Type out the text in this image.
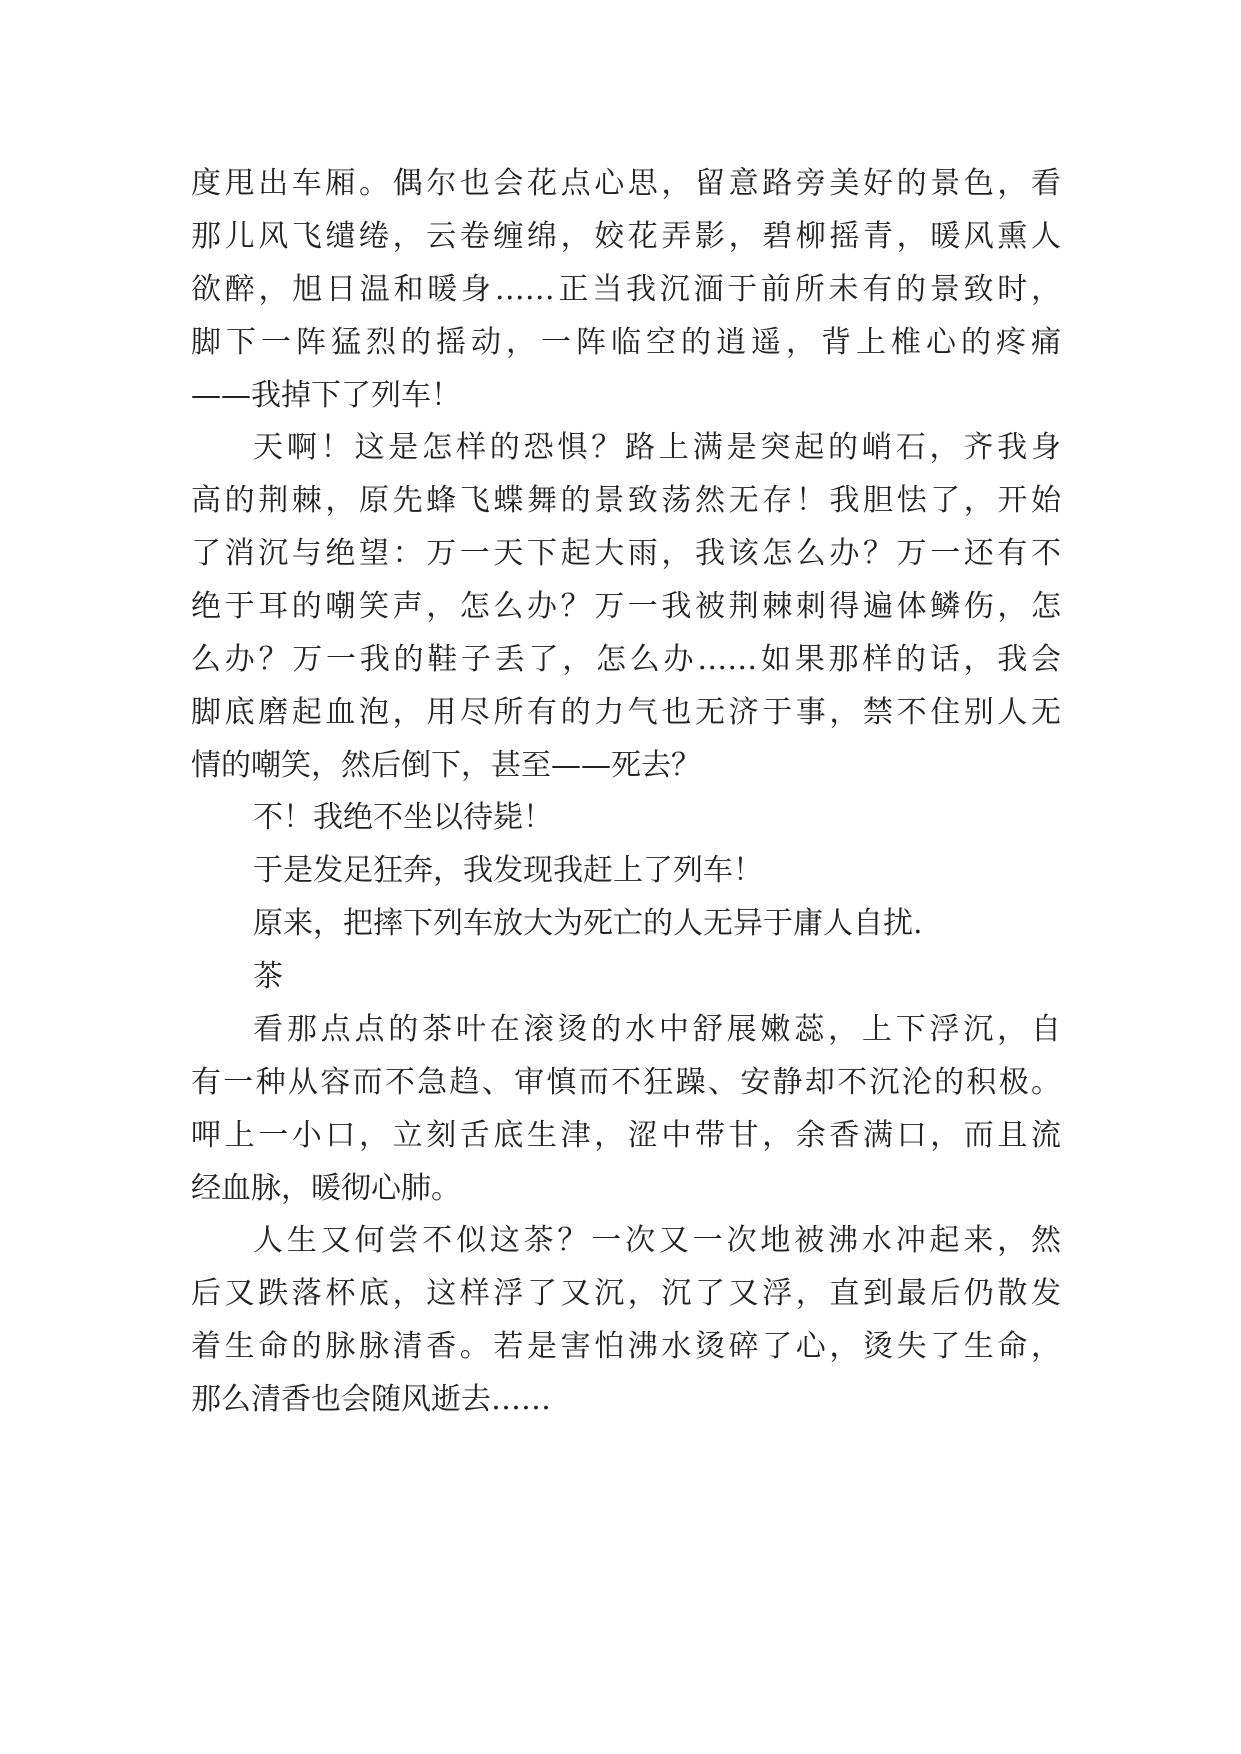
度甩出车厢。偶尔也会花点心思，留意路旁美好的景色，看
那儿风飞缱绻，云卷缠绵，姣花弄影，碧柳摇青，暖风熏人
欲醉，旭日温和暖身……正当我沉湎于前所未有的景致时，
脚下一阵猛烈的摇动，一阵临空的逍遥，背上椎心的疼痛
——我掉下了列车！
天啊！这是怎样的恐惧？路上满是突起的峭石，齐我身
高的荆棘，原先蜂飞蝶舞的景致荡然无存！我胆怯了，开始
了消沉与绝望：万一天下起大雨，我该怎么办？万一还有不
绝于耳的嘲笑声，怎么办？万一我被荆棘刺得遍体鳞伤，怎
么办？万一我的鞋子丢了，怎么办……如果那样的话，我会
脚底磨起血泡，用尽所有的力气也无济于事，禁不住别人无
情的嘲笑，然后倒下，甚至——死去？
不！我绝不坐以待毙！
于是发足狂奔，我发现我赶上了列车！
原来，把摔下列车放大为死亡的人无异于庸人自扰.
茶
看那点点的茶叶在滚烫的水中舒展嫩蕊，上下浮沉，自
有一种从容而不急趋、审慎而不狂躁、安静却不沉沦的积极。
呷上一小口，立刻舌底生津，涩中带甘，余香满口，而且流
经血脉，暖彻心肺。
人生又何尝不似这茶？一次又一次地被沸水冲起来，然
后又跌落杯底，这样浮了又沉，沉了又浮，直到最后仍散发
着生命的脉脉清香。若是害怕沸水烫碎了心，烫失了生命，
那么清香也会随风逝去……
